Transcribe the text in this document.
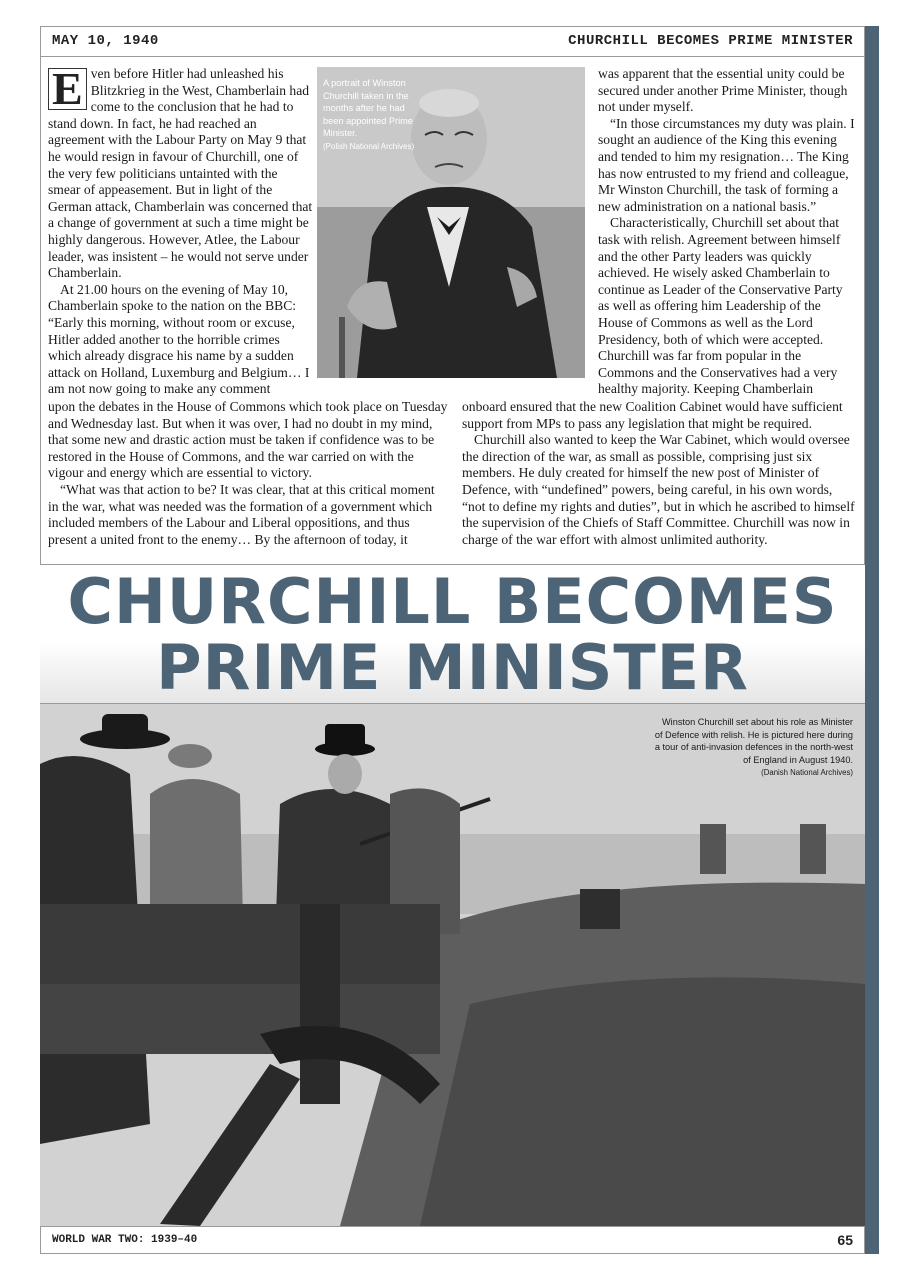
MAY 10, 1940	CHURCHILL BECOMES PRIME MINISTER

E ven before Hitler had unleashed his Blitzkrieg in the West, Chamberlain had come to the conclusion that he had to stand down. In fact, he had reached an agreement with the Labour Party on May 9 that he would resign in favour of Churchill, one of the very few politicians untainted with the smear of appeasement. But in light of the German attack, Chamberlain was concerned that a change of government at such a time might be highly dangerous. However, Atlee, the Labour leader, was insistent – he would not serve under Chamberlain.

At 21.00 hours on the evening of May 10, Chamberlain spoke to the nation on the BBC: “Early this morning, without room or excuse, Hitler added another to the horrible crimes which already disgrace his name by a sudden attack on Holland, Luxemburg and Belgium… I am not now going to make any comment

A portrait of Winston Churchill taken in the months after he had been appointed Prime Minister.
(Polish National Archives)

was apparent that the essential unity could be secured under another Prime Minister, though not under myself.

“In those circumstances my duty was plain. I sought an audience of the King this evening and tended to him my resignation… The King has now entrusted to my friend and colleague, Mr Winston Churchill, the task of forming a new administration on a national basis.”

Characteristically, Churchill set about that task with relish. Agreement between himself and the other Party leaders was quickly achieved. He wisely asked Chamberlain to continue as Leader of the Conservative Party as well as offering him Leadership of the House of Commons as well as the Lord Presidency, both of which were accepted. Churchill was far from popular in the Commons and the Conservatives had a very healthy majority. Keeping Chamberlain

upon the debates in the House of Commons which took place on Tuesday and Wednesday last. But when it was over, I had no doubt in my mind, that some new and drastic action must be taken if confidence was to be restored in the House of Commons, and the war carried on with the vigour and energy which are essential to victory.

“What was that action to be? It was clear, that at this critical moment in the war, what was needed was the formation of a government which included members of the Labour and Liberal oppositions, and thus present a united front to the enemy… By the afternoon of today, it

onboard ensured that the new Coalition Cabinet would have sufficient support from MPs to pass any legislation that might be required.

Churchill also wanted to keep the War Cabinet, which would oversee the direction of the war, as small as possible, comprising just six members. He duly created for himself the new post of Minister of Defence, with “undefined” powers, being careful, in his own words, “not to define my rights and duties”, but in which he ascribed to himself the supervision of the Chiefs of Staff Committee. Churchill was now in charge of the war effort with almost unlimited authority.

CHURCHILL BECOMES
PRIME MINISTER
Winston Churchill set about his role as Minister of Defence with relish. He is pictured here during a tour of anti-invasion defences in the north-west of England in August 1940.
(Danish National Archives)
WORLD WAR TWO: 1939–40	65
